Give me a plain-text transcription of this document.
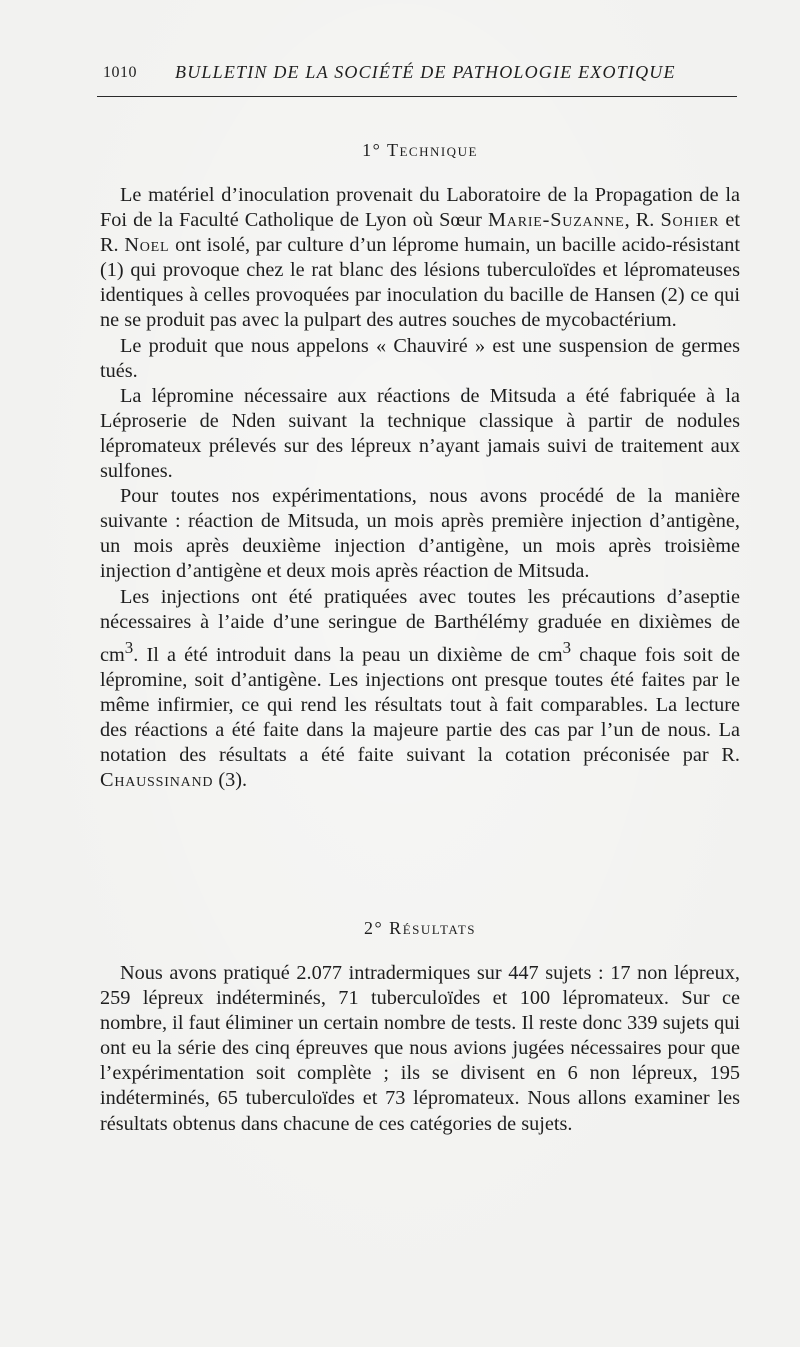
1010 BULLETIN DE LA SOCIÉTÉ DE PATHOLOGIE EXOTIQUE
1° Technique

Le matériel d’inoculation provenait du Laboratoire de la Propagation de la Foi de la Faculté Catholique de Lyon où Sœur Marie-Suzanne, R. Sohier et R. Noel ont isolé, par culture d’un léprome humain, un bacille acido-résistant (1) qui provoque chez le rat blanc des lésions tuberculoïdes et lépromateuses identiques à celles provoquées par inoculation du bacille de Hansen (2) ce qui ne se produit pas avec la pulpart des autres souches de mycobactérium.

Le produit que nous appelons « Chauviré » est une suspension de germes tués.

La lépromine nécessaire aux réactions de Mitsuda a été fabriquée à la Léproserie de Nden suivant la technique classique à partir de nodules lépromateux prélevés sur des lépreux n’ayant jamais suivi de traitement aux sulfones.

Pour toutes nos expérimentations, nous avons procédé de la manière suivante : réaction de Mitsuda, un mois après première injection d’antigène, un mois après deuxième injection d’antigène, un mois après troisième injection d’antigène et deux mois après réaction de Mitsuda.

Les injections ont été pratiquées avec toutes les précautions d’aseptie nécessaires à l’aide d’une seringue de Barthélémy graduée en dixièmes de $cm^3$. Il a été introduit dans la peau un dixième de $cm^3$ chaque fois soit de lépromine, soit d’antigène. Les injections ont presque toutes été faites par le même infirmier, ce qui rend les résultats tout à fait comparables. La lecture des réactions a été faite dans la majeure partie des cas par l’un de nous. La notation des résultats a été faite suivant la cotation préconisée par R. Chaussinand (3).

2° Résultats

Nous avons pratiqué 2.077 intradermiques sur 447 sujets : 17 non lépreux, 259 lépreux indéterminés, 71 tuberculoïdes et 100 lépromateux. Sur ce nombre, il faut éliminer un certain nombre de tests. Il reste donc 339 sujets qui ont eu la série des cinq épreuves que nous avions jugées nécessaires pour que l’expérimentation soit complète ; ils se divisent en 6 non lépreux, 195 indéterminés, 65 tuberculoïdes et 73 lépromateux. Nous allons examiner les résultats obtenus dans chacune de ces catégories de sujets.
